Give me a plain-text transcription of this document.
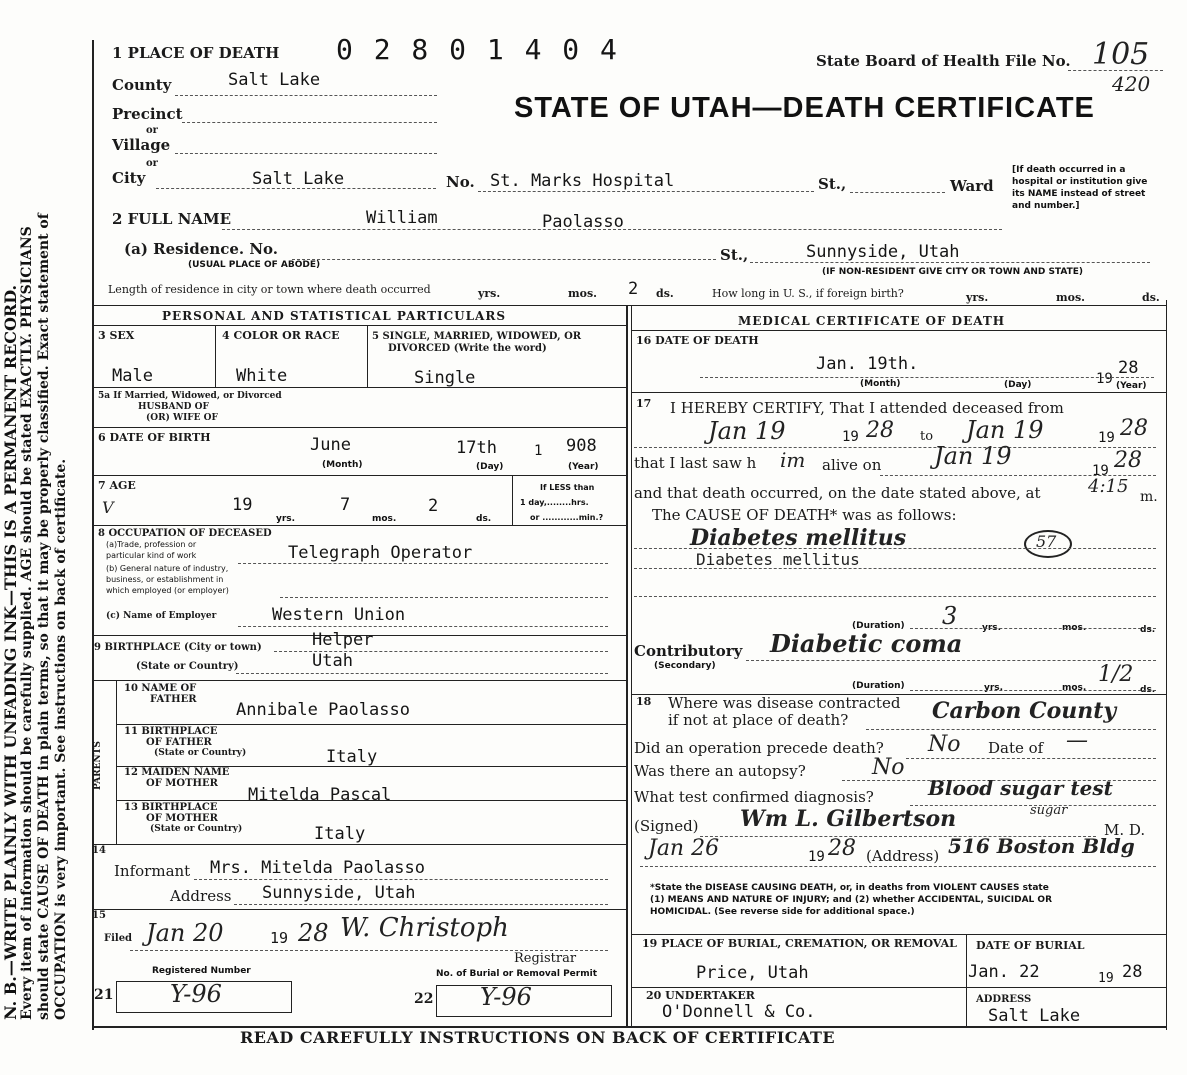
N. B.—WRITE PLAINLY WITH UNFADING INK—THIS IS A PERMANENT RECORD. Every item of information should be carefully supplied. AGE should be stated EXACTLY. PHYSICIANS should state CAUSE OF DEATH in plain terms, so that it may be properly classified. Exact statement of OCCUPATION is very important. See instructions on back of certificate.
1 PLACE OF DEATH 0 2 8 0 1 4 0 4	State Board of Health File No. 105
420
STATE OF UTAH—DEATH CERTIFICATE
County	Salt Lake
Precinct
or
Village
or
City	Salt Lake	No. St. Marks Hospital	St.,	Ward
[If death occurred in a
hospital or institution give
its NAME instead of street
and number.]
2 FULL NAME	William	Paolasso
(a) Residence. No.
(USUAL PLACE OF ABODE)
St.,	Sunnyside, Utah
(IF NON-RESIDENT GIVE CITY OR TOWN AND STATE)
Length of residence in city or town where death occurred	yrs.	mos. 2 ds.	How long in U. S., if foreign birth?	yrs.	mos.	ds.
PERSONAL AND STATISTICAL PARTICULARS
3 SEX
Male
4 COLOR OR RACE
White
5 SINGLE, MARRIED, WIDOWED, OR
DIVORCED (Write the word)
Single
5a If Married, Widowed, or Divorced
HUSBAND OF
(OR) WIFE OF
6 DATE OF BIRTH	June	17th	1 908
(Month)	(Day)	(Year)
7 AGE
V	19
yrs.
7
mos.
2
ds.
If LESS than
1 day,........hrs.
or ............min.?
8 OCCUPATION OF DECEASED
(a)Trade, profession or
particular kind of work	Telegraph Operator
(b) General nature of industry,
business, or establishment in
which employed (or employer)
(c) Name of Employer	Western Union
9 BIRTHPLACE (City or town)	Helper
(State or Country)	Utah
PARENTS
10 NAME OF
FATHER
Annibale Paolasso
11 BIRTHPLACE
OF FATHER
(State or Country)	Italy
12 MAIDEN NAME
OF MOTHER
Mitelda Pascal
13 BIRTHPLACE
OF MOTHER
(State or Country)	Italy
14
Informant Mrs. Mitelda Paolasso
Address Sunnyside, Utah
15
Filed Jan 20	19 28 W. Christoph
Registrar
Registered Number	No. of Burial or Removal Permit
21 Y-96	22 Y-96
MEDICAL CERTIFICATE OF DEATH
16 DATE OF DEATH
Jan. 19th.
19
28
(Month)	(Day)	(Year)
17 I HEREBY CERTIFY, That I attended deceased from
Jan 19	19 28 to Jan 19	19 28
that I last saw h im alive on Jan 19
19 28
and that death occurred, on the date stated above, at	4:15 m.
The CAUSE OF DEATH* was as follows:
Diabetes mellitus	57
Diabetes mellitus
(Duration) 3	yrs.	mos.	ds.
Contributory
(Secondary)
Diabetic coma
(Duration)	yrs.	mos.
1/2
ds.
18 Where was disease contracted
if not at place of death?	Carbon County
Did an operation precede death? No Date of —
Was there an autopsy?	No
What test confirmed diagnosis?	Blood sugar test
sugar
(Signed) Wm L. Gilbertson	M. D.
Jan 26	19 28 (Address) 516 Boston Bldg
*State the DISEASE CAUSING DEATH, or, in deaths from VIOLENT CAUSES state
(1) MEANS AND NATURE OF INJURY; and (2) whether ACCIDENTAL, SUICIDAL OR
HOMICIDAL. (See reverse side for additional space.)
19 PLACE OF BURIAL, CREMATION, OR REMOVAL
Price, Utah
DATE OF BURIAL
Jan. 22	19 28
20 UNDERTAKER
O'Donnell & Co.
ADDRESS
Salt Lake
READ CAREFULLY INSTRUCTIONS ON BACK OF CERTIFICATE
